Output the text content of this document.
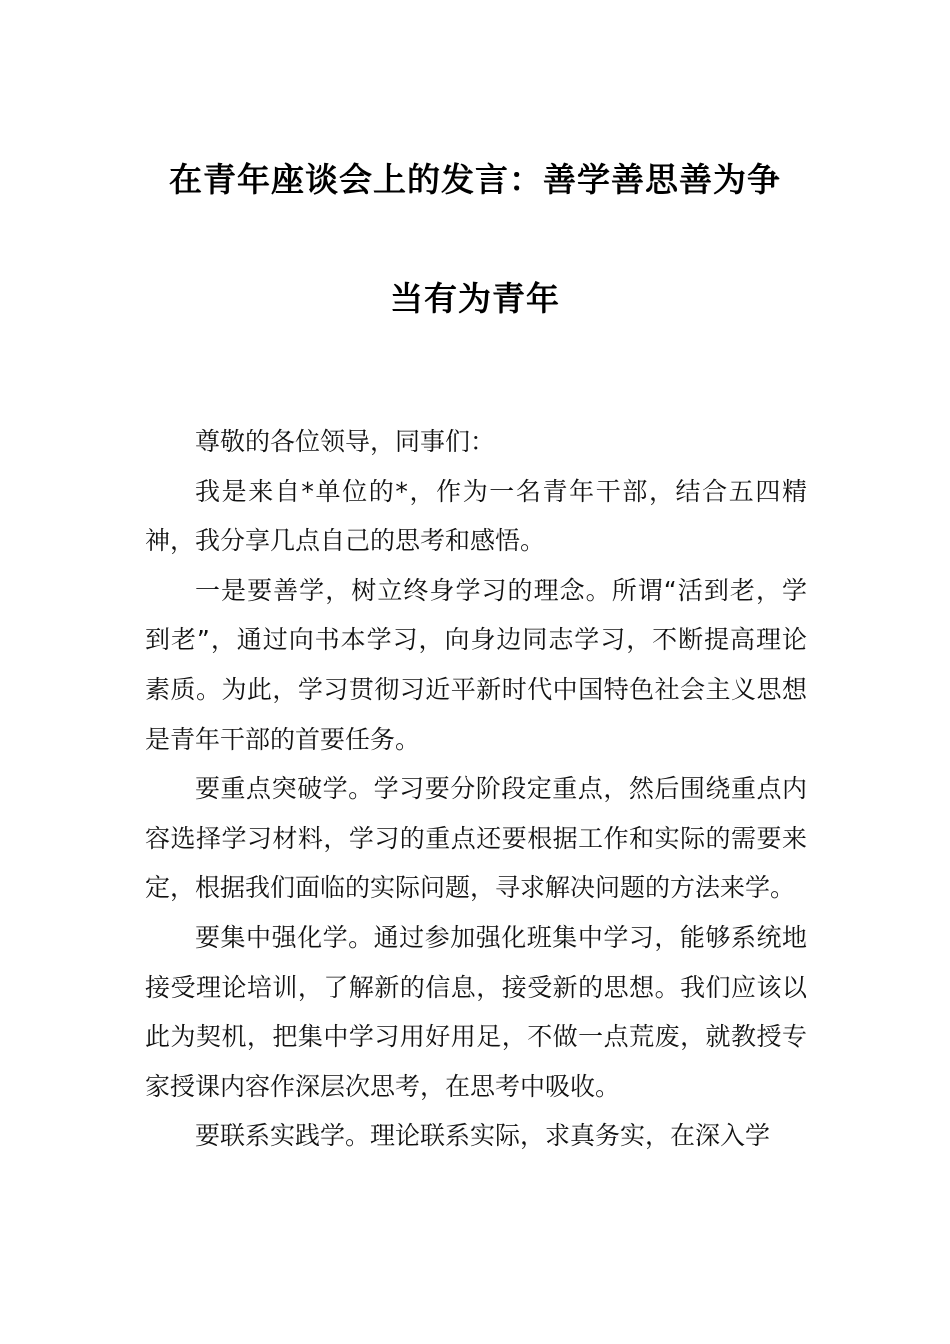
在青年座谈会上的发言：善学善思善为争
当有为青年

尊敬的各位领导，同事们：

我是来自*单位的*，作为一名青年干部，结合五四精神，我分享几点自己的思考和感悟。

一是要善学，树立终身学习的理念。所谓“活到老，学到老”，通过向书本学习，向身边同志学习，不断提高理论素质。为此，学习贯彻习近平新时代中国特色社会主义思想是青年干部的首要任务。

要重点突破学。学习要分阶段定重点，然后围绕重点内容选择学习材料，学习的重点还要根据工作和实际的需要来定，根据我们面临的实际问题，寻求解决问题的方法来学。

要集中强化学。通过参加强化班集中学习，能够系统地接受理论培训，了解新的信息，接受新的思想。我们应该以此为契机，把集中学习用好用足，不做一点荒废，就教授专家授课内容作深层次思考，在思考中吸收。

要联系实践学。理论联系实际，求真务实，在深入学
